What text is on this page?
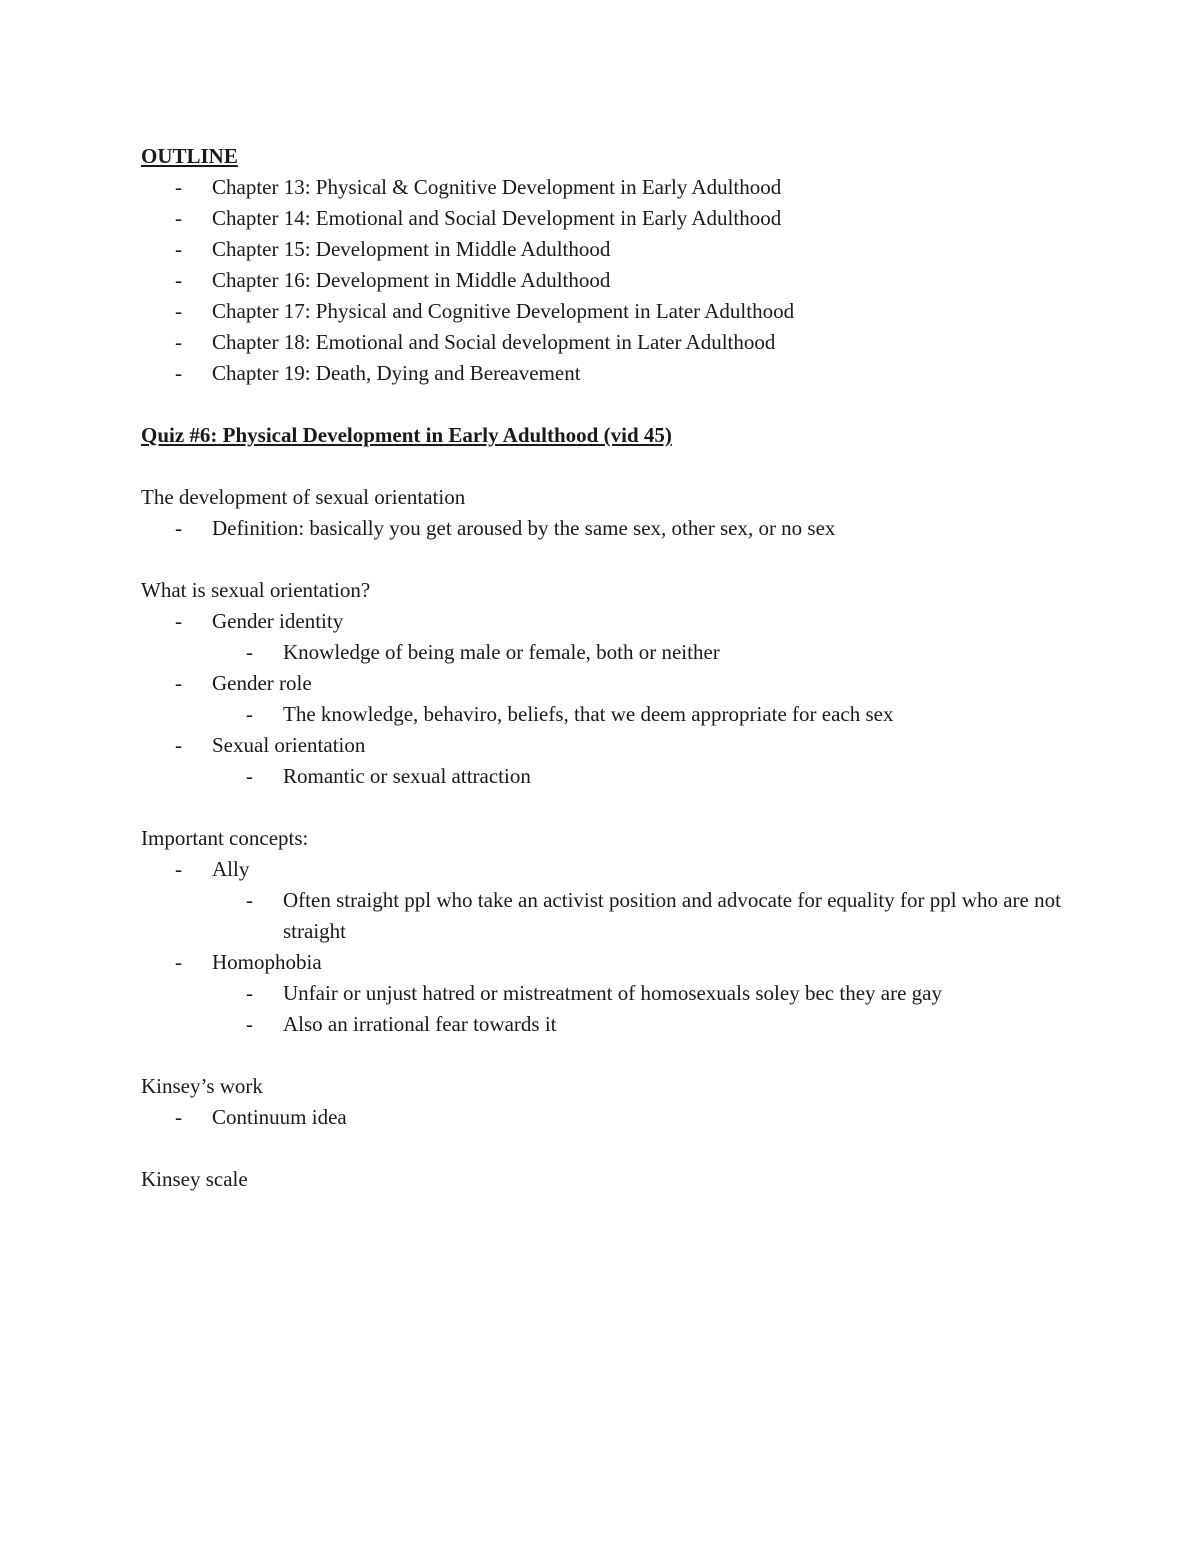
OUTLINE

- Chapter 13: Physical & Cognitive Development in Early Adulthood
- Chapter 14: Emotional and Social Development in Early Adulthood
- Chapter 15: Development in Middle Adulthood
- Chapter 16: Development in Middle Adulthood
- Chapter 17: Physical and Cognitive Development in Later Adulthood
- Chapter 18: Emotional and Social development in Later Adulthood
- Chapter 19: Death, Dying and Bereavement

Quiz #6: Physical Development in Early Adulthood (vid 45)

The development of sexual orientation

- Definition: basically you get aroused by the same sex, other sex, or no sex

What is sexual orientation?

- Gender identity
- Knowledge of being male or female, both or neither
- Gender role
- The knowledge, behaviro, beliefs, that we deem appropriate for each sex
- Sexual orientation
- Romantic or sexual attraction

Important concepts:

- Ally
- Often straight ppl who take an activist position and advocate for equality for ppl who are not straight
- Homophobia
- Unfair or unjust hatred or mistreatment of homosexuals soley bec they are gay
- Also an irrational fear towards it

Kinsey’s work

- Continuum idea

Kinsey scale
